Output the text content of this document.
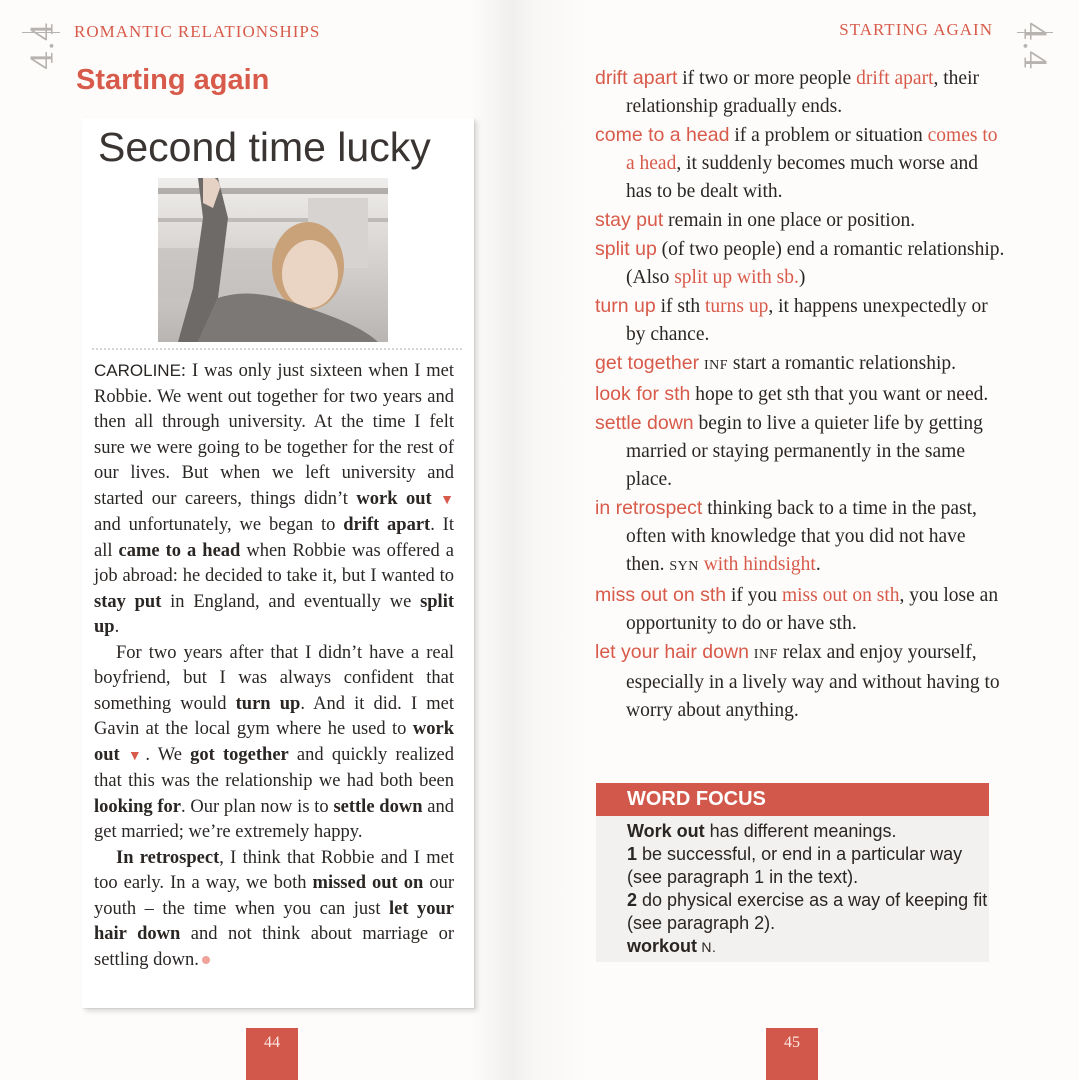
4.4 ROMANTIC RELATIONSHIPS
Starting again
Second time lucky

CAROLINE: I was only just sixteen when I met Robbie. We went out together for two years and then all through university. At the time I felt sure we were going to be together for the rest of our lives. But when we left university and started our careers, things didn’t work out ▼ and unfortunately, we began to drift apart. It all came to a head when Robbie was offered a job abroad: he decided to take it, but I wanted to stay put in England, and eventually we split up.

For two years after that I didn’t have a real boyfriend, but I was always confident that something would turn up. And it did. I met Gavin at the local gym where he used to work out ▼. We got together and quickly realized that this was the relationship we had both been looking for. Our plan now is to settle down and get married; we’re extremely happy.

In retrospect, I think that Robbie and I met too early. In a way, we both missed out on our youth – the time when you can just let your hair down and not think about marriage or settling down.

44
STARTING AGAIN 4.4
drift apart if two or more people drift apart, their relationship gradually ends.
come to a head if a problem or situation comes to a head, it suddenly becomes much worse and has to be dealt with.
stay put remain in one place or position.
split up (of two people) end a romantic relationship. (Also split up with sb.)
turn up if sth turns up, it happens unexpectedly or by chance.
get together INF start a romantic relationship.
look for sth hope to get sth that you want or need.
settle down begin to live a quieter life by getting married or staying permanently in the same place.
in retrospect thinking back to a time in the past, often with knowledge that you did not have then. SYN with hindsight.
miss out on sth if you miss out on sth, you lose an opportunity to do or have sth.
let your hair down INF relax and enjoy yourself, especially in a lively way and without having to worry about anything.
WORD FOCUS
Work out has different meanings.
1 be successful, or end in a particular way (see paragraph 1 in the text).
2 do physical exercise as a way of keeping fit (see paragraph 2).
workout N.
45
